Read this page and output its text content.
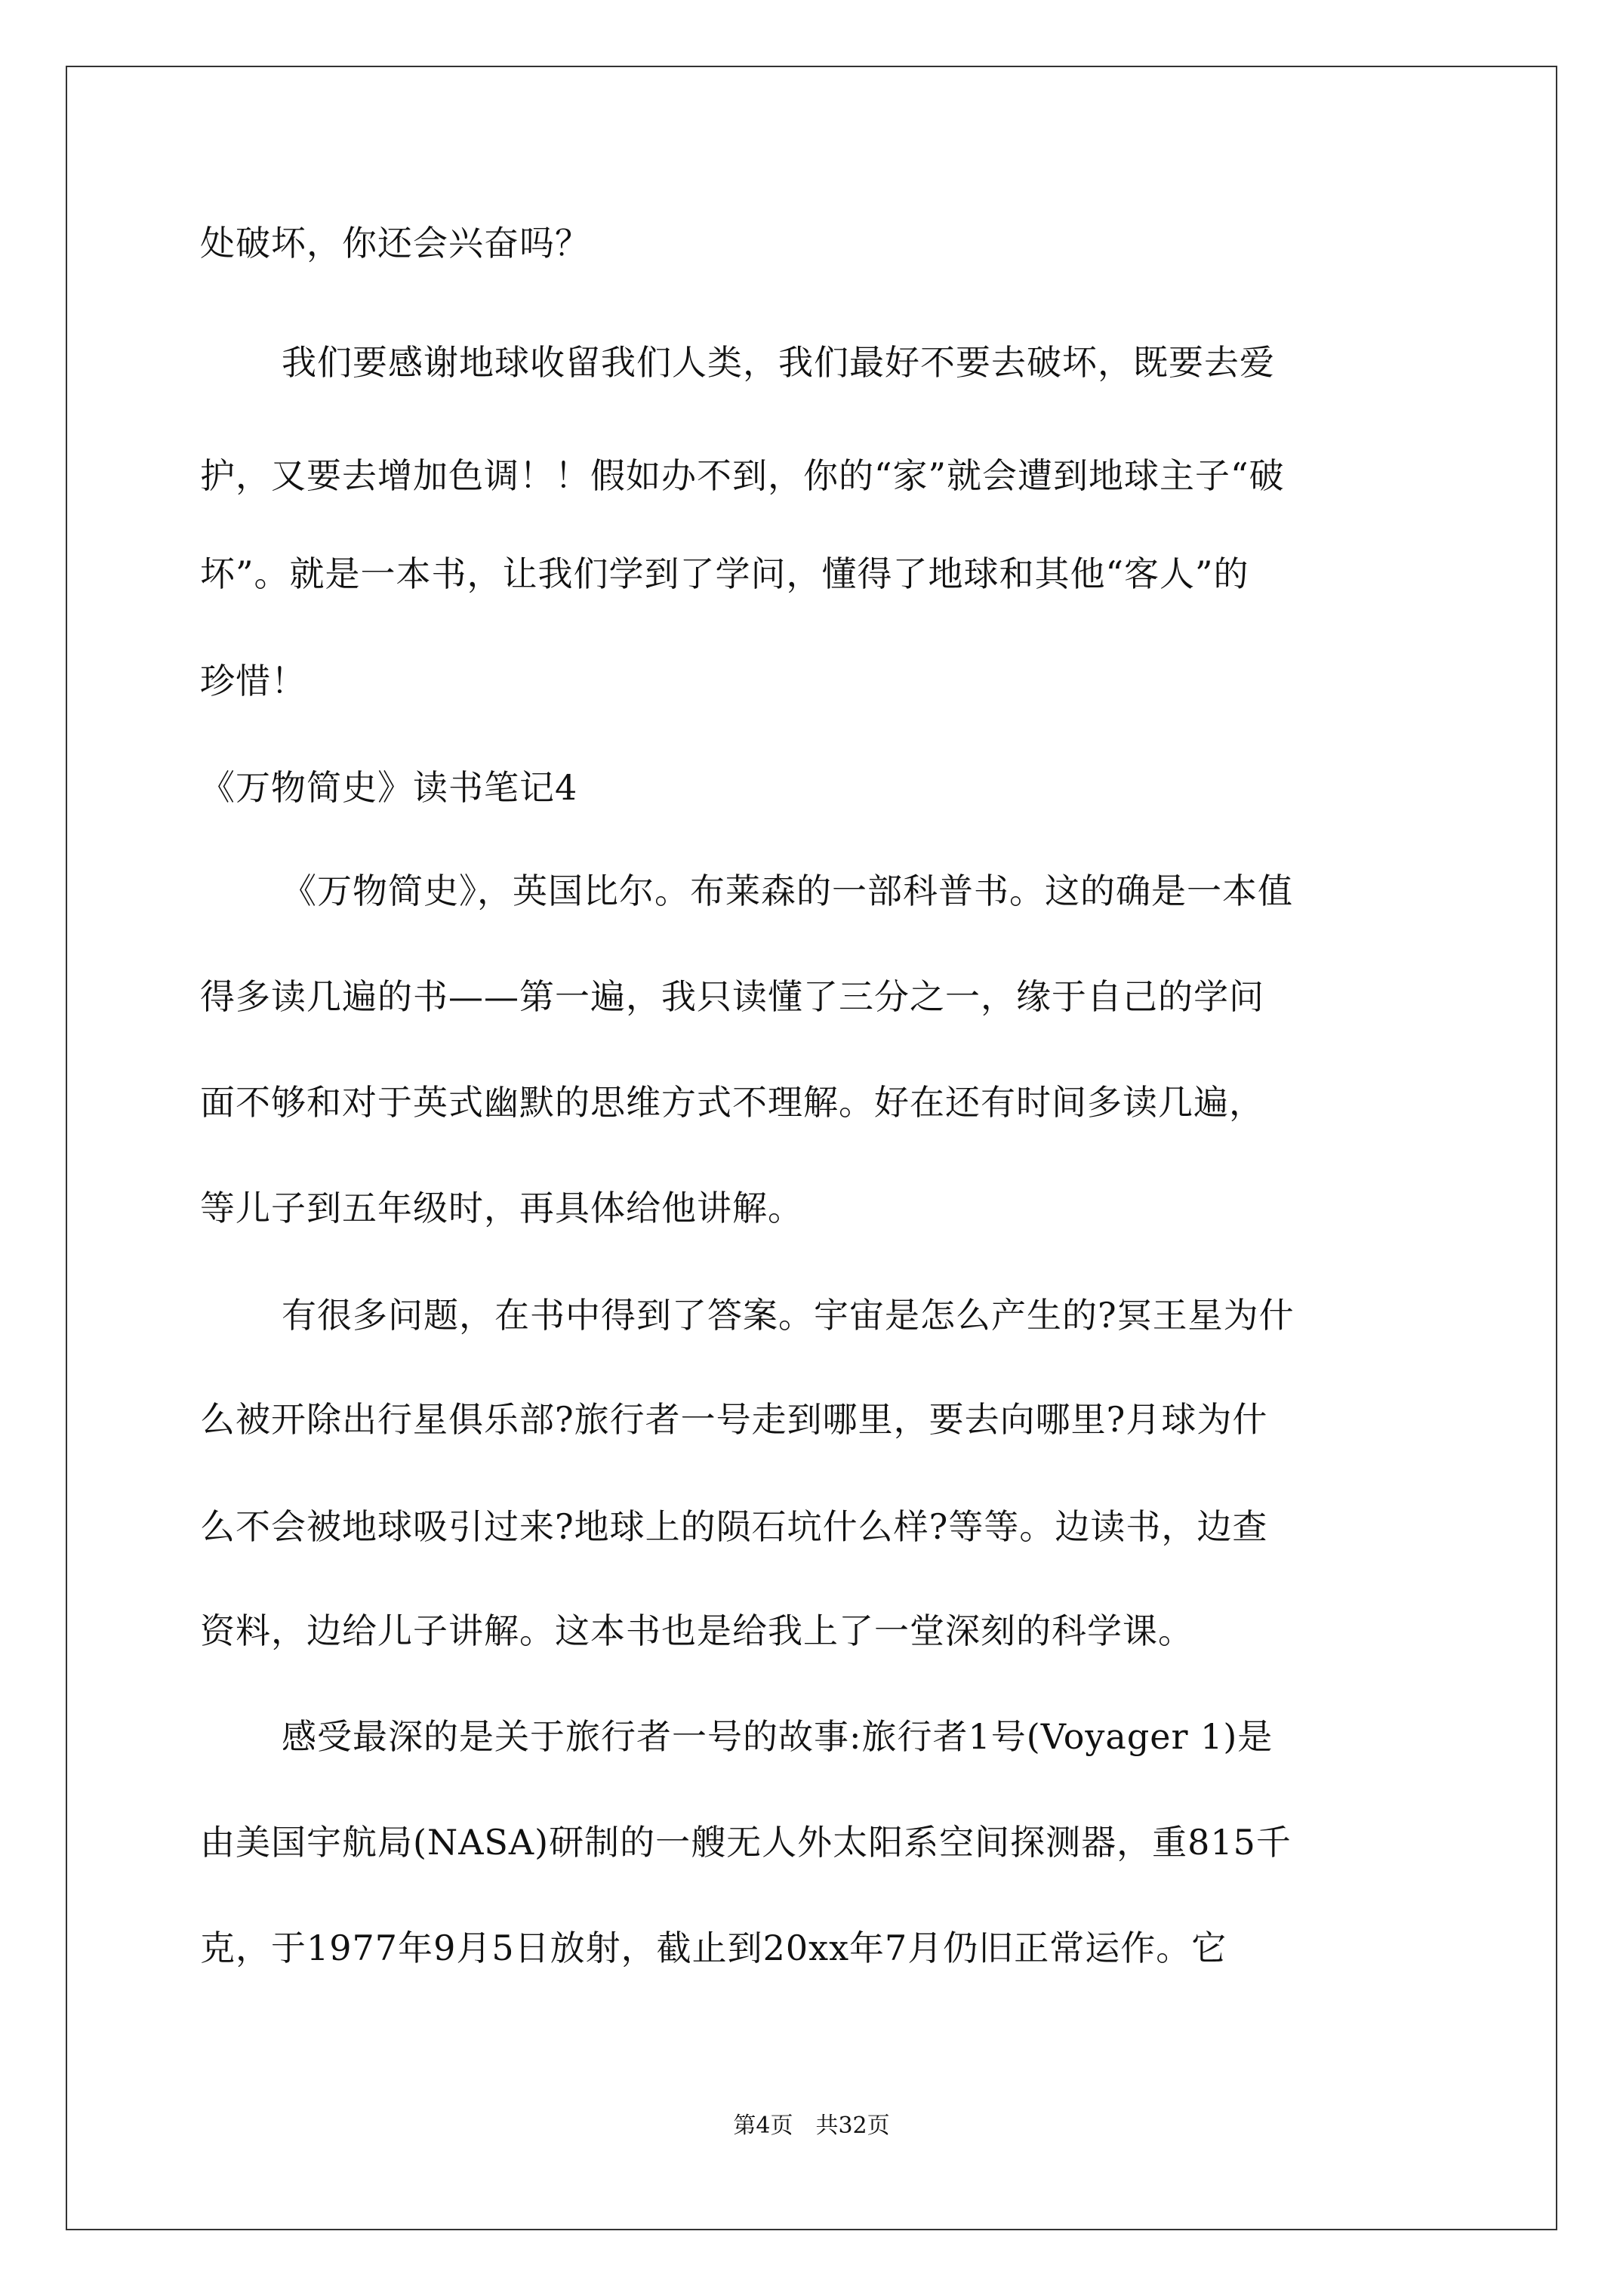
处破坏，你还会兴奋吗？
我们要感谢地球收留我们人类，我们最好不要去破坏，既要去爱
护，又要去增加色调！！假如办不到，你的“家”就会遭到地球主子“破
坏”。就是一本书，让我们学到了学问，懂得了地球和其他“客人”的
珍惜！
《万物简史》读书笔记4
《万物简史》，英国比尔。布莱森的一部科普书。这的确是一本值
得多读几遍的书——第一遍，我只读懂了三分之一，缘于自己的学问
面不够和对于英式幽默的思维方式不理解。好在还有时间多读几遍，
等儿子到五年级时，再具体给他讲解。
有很多问题，在书中得到了答案。宇宙是怎么产生的?冥王星为什
么被开除出行星俱乐部?旅行者一号走到哪里，要去向哪里?月球为什
么不会被地球吸引过来?地球上的陨石坑什么样?等等。边读书，边查
资料，边给儿子讲解。这本书也是给我上了一堂深刻的科学课。
感受最深的是关于旅行者一号的故事:旅行者1号(Voyager 1)是
由美国宇航局(NASA)研制的一艘无人外太阳系空间探测器，重815千
克，于1977年9月5日放射，截止到20xx年7月仍旧正常运作。它
第4页　共32页
